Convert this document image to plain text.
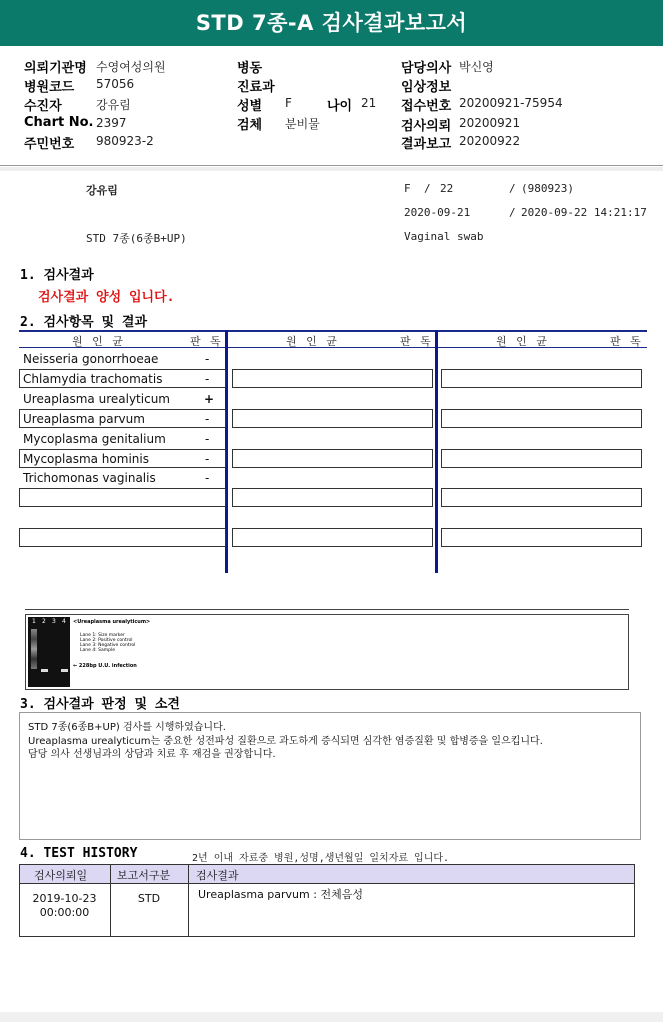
STD 7종-A 검사결과보고서
의뢰기관명 수영여성의원
병원코드 57056
수진자	강유림
Chart No. 2397
주민번호 980923-2
병동
진료과
성별 F	나이 21
검체 분비물
담당의사 박신영
임상정보
접수번호 20200921-75954
검사의뢰 20200921
결과보고 20200922
강유림	F / 22	/ (980923)
2020-09-21	/ 2020-09-22 14:21:17
STD 7종(6종B+UP)	Vaginal swab
1. 검사결과
검사결과 양성 입니다.
2. 검사항목 및 결과
원 인 균	판 독	원 인 균	판 독	원 인 균	판 독
Neisseria gonorrhoeae	-
Chlamydia trachomatis	-
Ureaplasma urealyticum	+
Ureaplasma parvum	-
Mycoplasma genitalium	-
Mycoplasma hominis	-
Trichomonas vaginalis	-
1 2 3 4 <Ureaplasma urealyticum>
Lane 1: Size marker
Lane 2: Positive control
Lane 3: Negative control
Lane 4: Sample
← 228bp U.U. infection
3. 검사결과 판정 및 소견
STD 7종(6종B+UP) 검사를 시행하였습니다.
Ureaplasma urealyticum는 중요한 성전파성 질환으로 과도하게 증식되면 심각한 염증질환 및 합병증을 일으킵니다.
담당 의사 선생님과의 상담과 치료 후 재검을 권장합니다.
4. TEST HISTORY	2년 이내 자료중 병원,성명,생년월일 일치자료 입니다.
검사의뢰일	보고서구분 검사결과
2019-10-23
00:00:00
STD	Ureaplasma parvum : 전체음성
